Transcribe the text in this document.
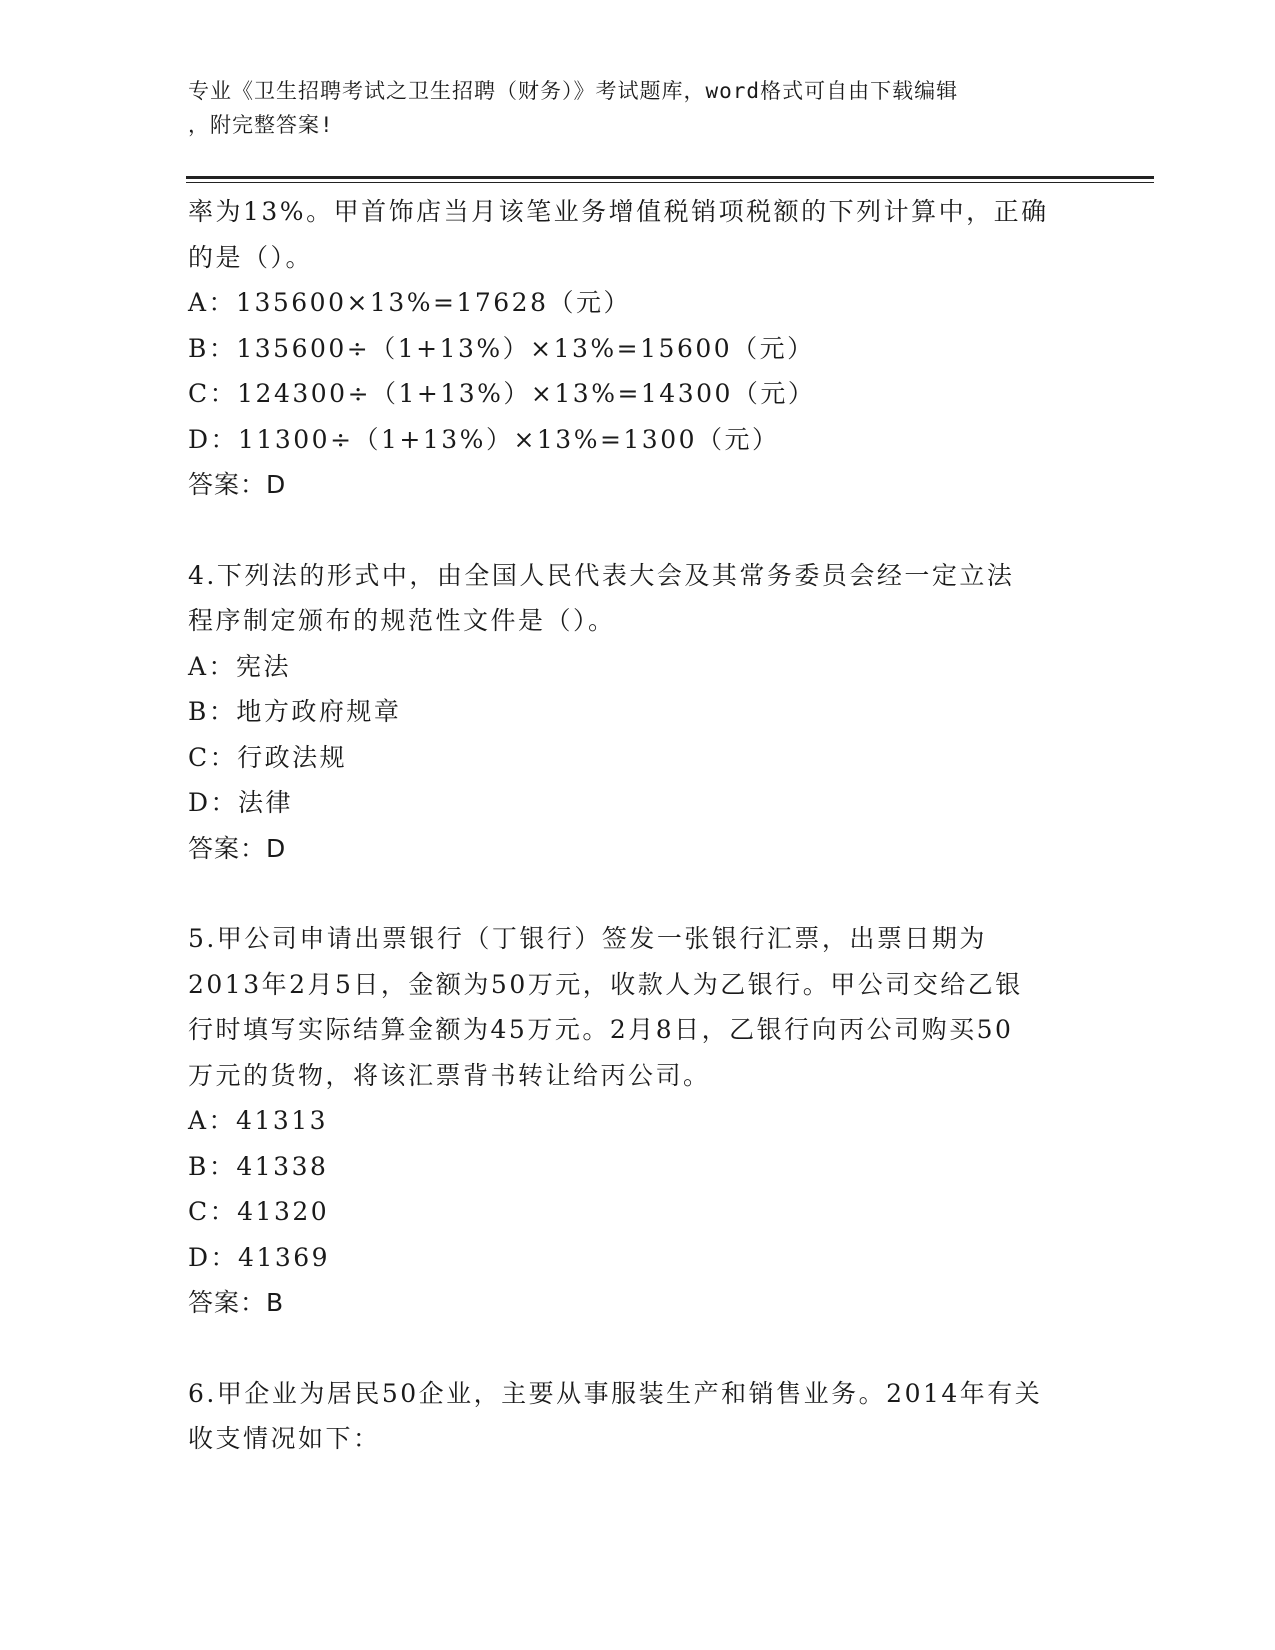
专业《卫生招聘考试之卫生招聘（财务）》考试题库，word格式可自由下载编辑
，附完整答案!
率为13%。甲首饰店当月该笔业务增值税销项税额的下列计算中，正确
的是（）。
A：135600×13%=17628（元）
B：135600÷（1+13%）×13%=15600（元）
C：124300÷（1+13%）×13%=14300（元）
D：11300÷（1+13%）×13%=1300（元）
答案：D
4.下列法的形式中，由全国人民代表大会及其常务委员会经一定立法
程序制定颁布的规范性文件是（）。
A：宪法
B：地方政府规章
C：行政法规
D：法律
答案：D
5.甲公司申请出票银行（丁银行）签发一张银行汇票，出票日期为
2013年2月5日，金额为50万元，收款人为乙银行。甲公司交给乙银
行时填写实际结算金额为45万元。2月8日，乙银行向丙公司购买50
万元的货物，将该汇票背书转让给丙公司。
A：41313
B：41338
C：41320
D：41369
答案：B
6.甲企业为居民50企业，主要从事服装生产和销售业务。2014年有关
收支情况如下：
